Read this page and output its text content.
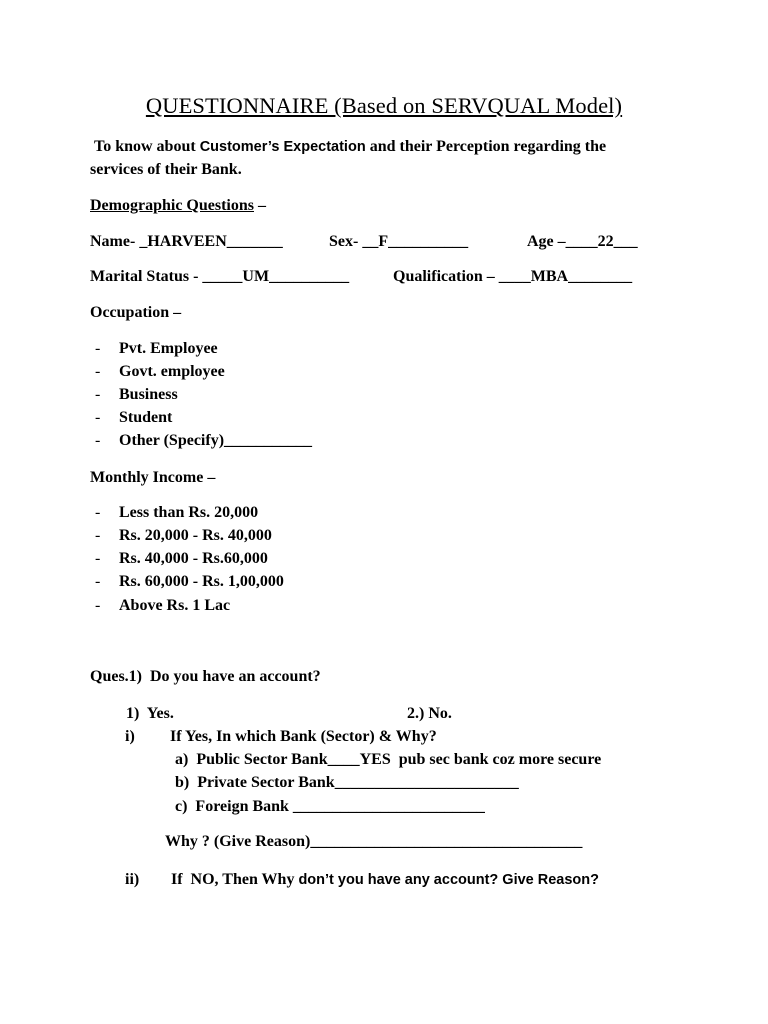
QUESTIONNAIRE (Based on SERVQUAL Model)
To know about Customer’s Expectation and their Perception regarding the
services of their Bank.
Demographic Questions –
Name- _HARVEEN_______	Sex- __F__________	Age –____22___
Marital Status - _____UM__________	Qualification – ____MBA________
Occupation –
- Pvt. Employee
- Govt. employee
- Business
- Student
- Other (Specify)___________
Monthly Income –
- Less than Rs. 20,000
- Rs. 20,000 - Rs. 40,000
- Rs. 40,000 - Rs.60,000
- Rs. 60,000 - Rs. 1,00,000
- Above Rs. 1 Lac
Ques.1)  Do you have an account?
1)  Yes.	2.) No.
i) If Yes, In which Bank (Sector) & Why?
a)  Public Sector Bank____YES  pub sec bank coz more secure
b)  Private Sector Bank_______________________
c)  Foreign Bank ________________________
Why ? (Give Reason)__________________________________
ii) If  NO, Then Why don’t you have any account? Give Reason?
